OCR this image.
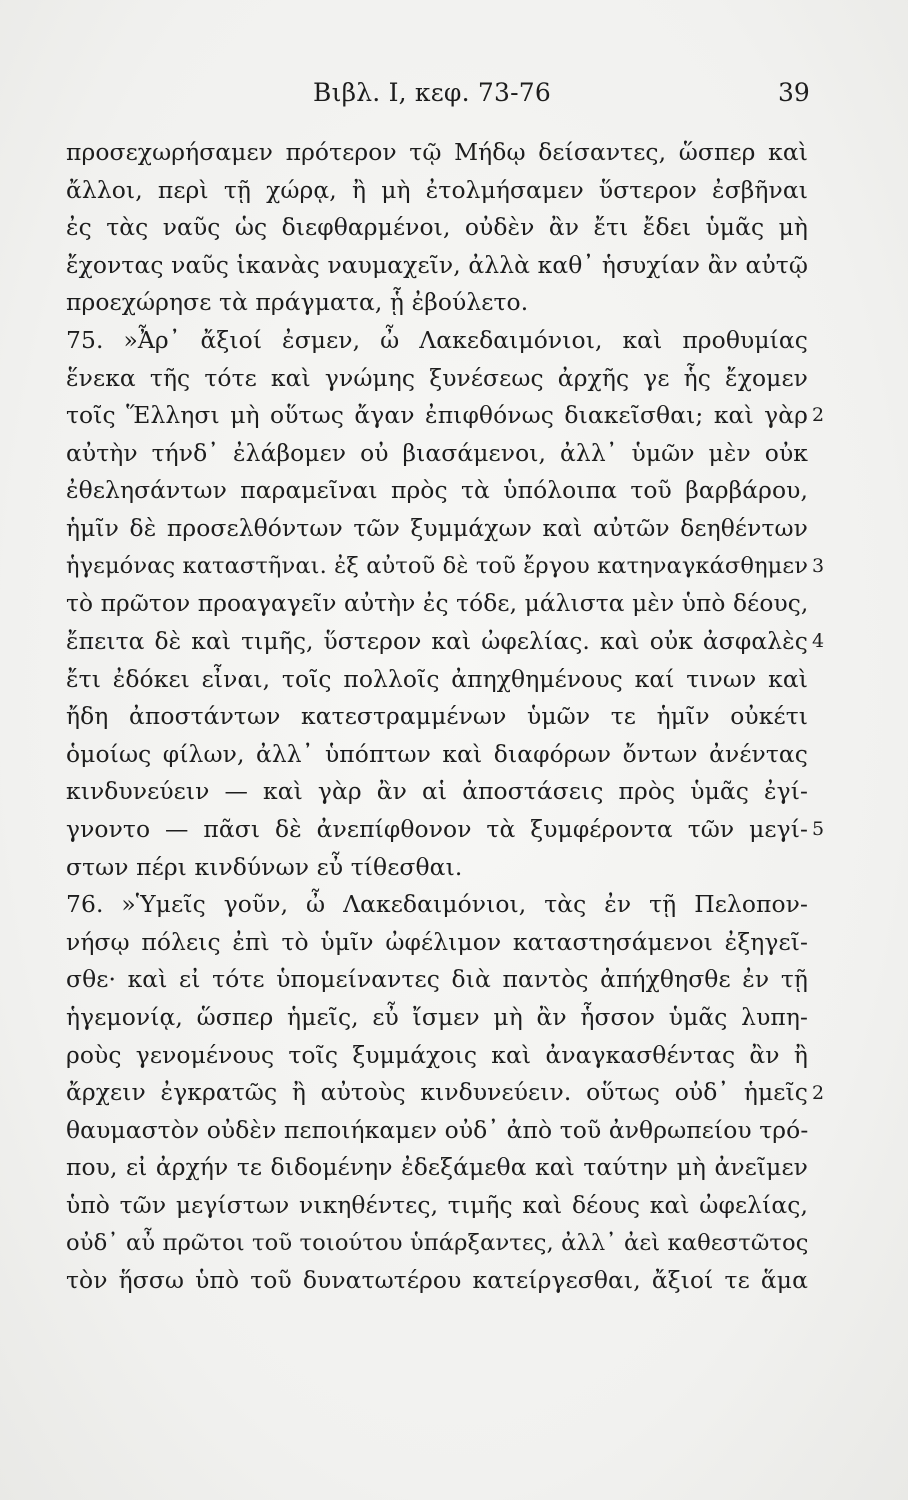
Βιβλ. I, κεφ. 73-76	39
προσεχωρήσαμεν πρότερον τῷ Μήδῳ δείσαντες, ὥσπερ καὶ
ἄλλοι, περὶ τῇ χώρᾳ, ἢ μὴ ἐτολμήσαμεν ὕστερον ἐσβῆναι
ἐς τὰς ναῦς ὡς διεφθαρμένοι, οὐδὲν ἂν ἔτι ἔδει ὑμᾶς μὴ
ἔχοντας ναῦς ἱκανὰς ναυμαχεῖν, ἀλλὰ καθ᾽ ἡσυχίαν ἂν αὐτῷ
προεχώρησε τὰ πράγματα, ᾗ ἐβούλετο.
75. »Ἆρ᾽ ἄξιοί ἐσμεν, ὦ Λακεδαιμόνιοι, καὶ προθυμίας
ἕνεκα τῆς τότε καὶ γνώμης ξυνέσεως ἀρχῆς γε ἧς ἔχομεν
τοῖς Ἕλλησι μὴ οὕτως ἄγαν ἐπιφθόνως διακεῖσθαι; καὶ γὰρ
αὐτὴν τήνδ᾽ ἐλάβομεν οὐ βιασάμενοι, ἀλλ᾽ ὑμῶν μὲν οὐκ
ἐθελησάντων παραμεῖναι πρὸς τὰ ὑπόλοιπα τοῦ βαρβάρου,
ἡμῖν δὲ προσελθόντων τῶν ξυμμάχων καὶ αὐτῶν δεηθέντων
ἡγεμόνας καταστῆναι. ἐξ αὐτοῦ δὲ τοῦ ἔργου κατηναγκάσθημεν
τὸ πρῶτον προαγαγεῖν αὐτὴν ἐς τόδε, μάλιστα μὲν ὑπὸ δέους,
ἔπειτα δὲ καὶ τιμῆς, ὕστερον καὶ ὠφελίας. καὶ οὐκ ἀσφαλὲς
ἔτι ἐδόκει εἶναι, τοῖς πολλοῖς ἀπηχθημένους καί τινων καὶ
ἤδη ἀποστάντων κατεστραμμένων ὑμῶν τε ἡμῖν οὐκέτι
ὁμοίως φίλων, ἀλλ᾽ ὑπόπτων καὶ διαφόρων ὄντων ἀνέντας
κινδυνεύειν — καὶ γὰρ ἂν αἱ ἀποστάσεις πρὸς ὑμᾶς ἐγί-
γνοντο — πᾶσι δὲ ἀνεπίφθονον τὰ ξυμφέροντα τῶν μεγί-
στων πέρι κινδύνων εὖ τίθεσθαι.
76. »Ὑμεῖς γοῦν, ὦ Λακεδαιμόνιοι, τὰς ἐν τῇ Πελοπον-
νήσῳ πόλεις ἐπὶ τὸ ὑμῖν ὠφέλιμον καταστησάμενοι ἐξηγεῖ-
σθε· καὶ εἰ τότε ὑπομείναντες διὰ παντὸς ἀπήχθησθε ἐν τῇ
ἡγεμονίᾳ, ὥσπερ ἡμεῖς, εὖ ἴσμεν μὴ ἂν ἧσσον ὑμᾶς λυπη-
ροὺς γενομένους τοῖς ξυμμάχοις καὶ ἀναγκασθέντας ἂν ἢ
ἄρχειν ἐγκρατῶς ἢ αὐτοὺς κινδυνεύειν. οὕτως οὐδ᾽ ἡμεῖς
θαυμαστὸν οὐδὲν πεποιήκαμεν οὐδ᾽ ἀπὸ τοῦ ἀνθρωπείου τρό-
που, εἰ ἀρχήν τε διδομένην ἐδεξάμεθα καὶ ταύτην μὴ ἀνεῖμεν
ὑπὸ τῶν μεγίστων νικηθέντες, τιμῆς καὶ δέους καὶ ὠφελίας,
οὐδ᾽ αὖ πρῶτοι τοῦ τοιούτου ὑπάρξαντες, ἀλλ᾽ ἀεὶ καθεστῶτος
τὸν ἥσσω ὑπὸ τοῦ δυνατωτέρου κατείργεσθαι, ἄξιοί τε ἅμα
2
3
4
5
2
